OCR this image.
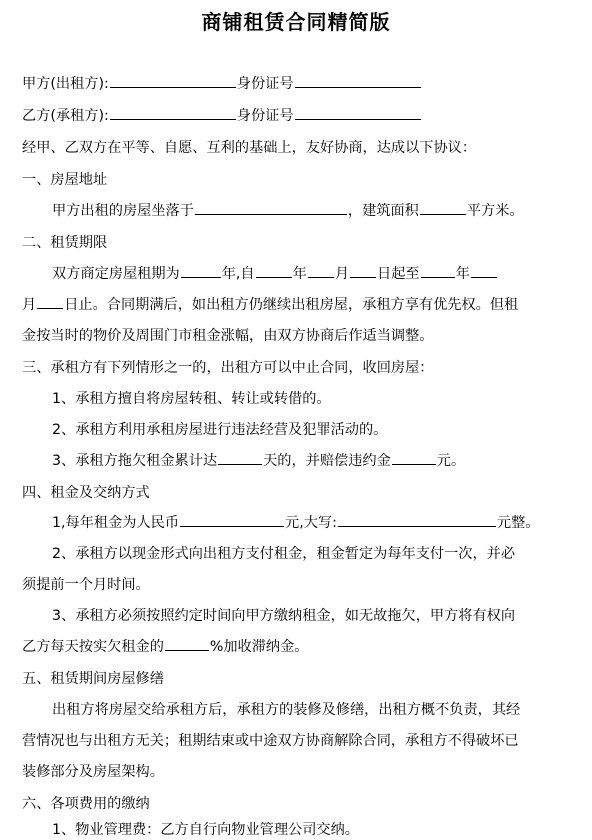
商铺租赁合同精简版
甲方(出租方):	身份证号
乙方(承租方):	身份证号
经甲、乙双方在平等、自愿、互利的基础上，友好协商，达成以下协议：
一、房屋地址
甲方出租的房屋坐落于	，建筑面积	平方米。
二、租赁期限
双方商定房屋租期为	年,自	年 月 日起至	年
月 日止。合同期满后，如出租方仍继续出租房屋，承租方享有优先权。但租
金按当时的物价及周围门市租金涨幅，由双方协商后作适当调整。
三、承租方有下列情形之一的，出租方可以中止合同，收回房屋：
1、承租方擅自将房屋转租、转让或转借的。
2、承租方利用承租房屋进行违法经营及犯罪活动的。
3、承租方拖欠租金累计达	天的，并赔偿违约金	元。
四、租金及交纳方式
1,每年租金为人民币	元,大写:	元整。
2、承租方以现金形式向出租方支付租金，租金暂定为每年支付一次，并必
须提前一个月时间。
3、承租方必须按照约定时间向甲方缴纳租金，如无故拖欠，甲方将有权向
乙方每天按实欠租金的	%加收滞纳金。
五、租赁期间房屋修缮
出租方将房屋交给承租方后，承租方的装修及修缮，出租方概不负责，其经
营情况也与出租方无关；租期结束或中途双方协商解除合同，承租方不得破坏已
装修部分及房屋架构。
六、各项费用的缴纳
1、物业管理费：乙方自行向物业管理公司交纳。
